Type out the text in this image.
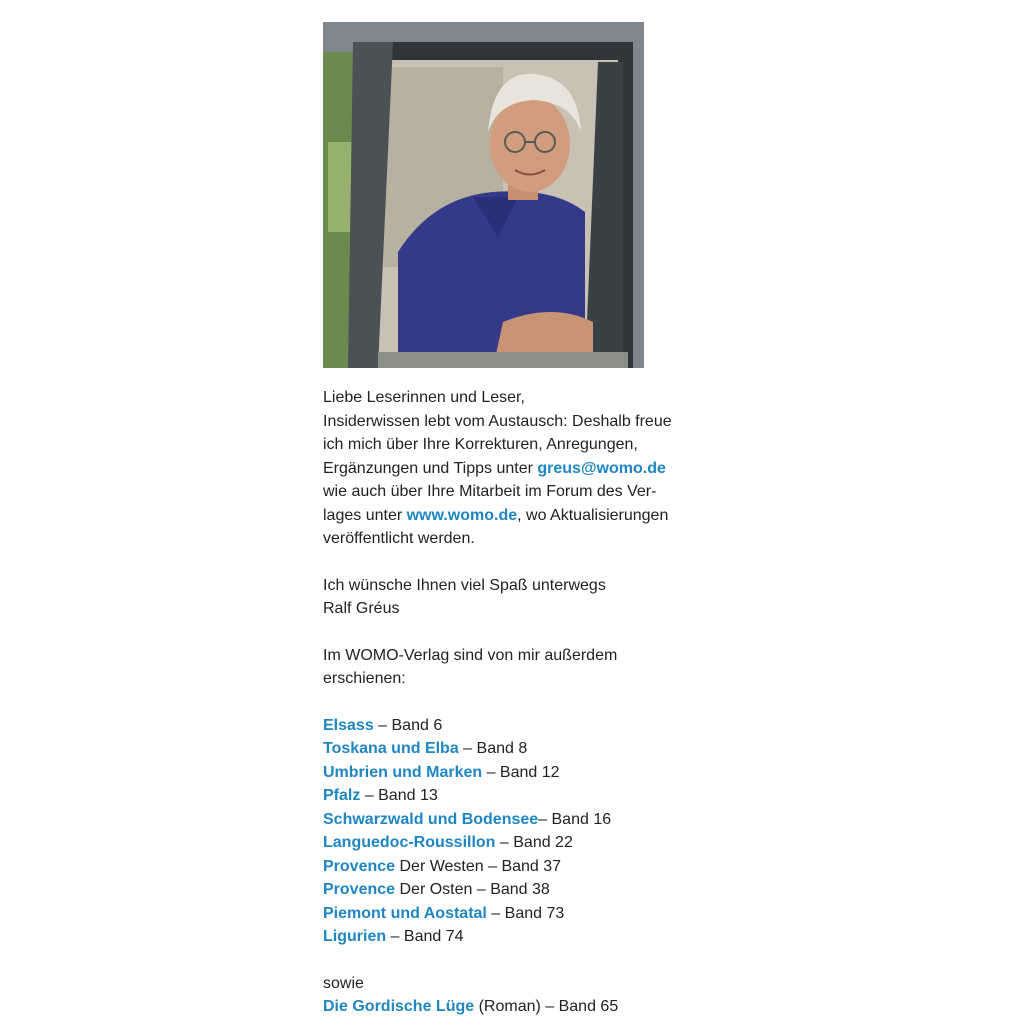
Liebe Leserinnen und Leser,

Insiderwissen lebt vom Austausch: Deshalb freue

ich mich über Ihre Korrekturen, Anregungen,

Ergänzungen und Tipps unter greus@womo.de

wie auch über Ihre Mitarbeit im Forum des Ver-

lages unter www.womo.de, wo Aktualisierungen

veröffentlicht werden.

Ich wünsche Ihnen viel Spaß unterwegs

Ralf Gréus

Im WOMO-Verlag sind von mir außerdem

erschienen:

Elsass – Band 6

Toskana und Elba – Band 8

Umbrien und Marken – Band 12

Pfalz – Band 13

Schwarzwald und Bodensee– Band 16

Languedoc-Roussillon – Band 22

Provence Der Westen – Band 37

Provence Der Osten – Band 38

Piemont und Aostatal – Band 73

Ligurien – Band 74

sowie

Die Gordische Lüge (Roman) – Band 65
